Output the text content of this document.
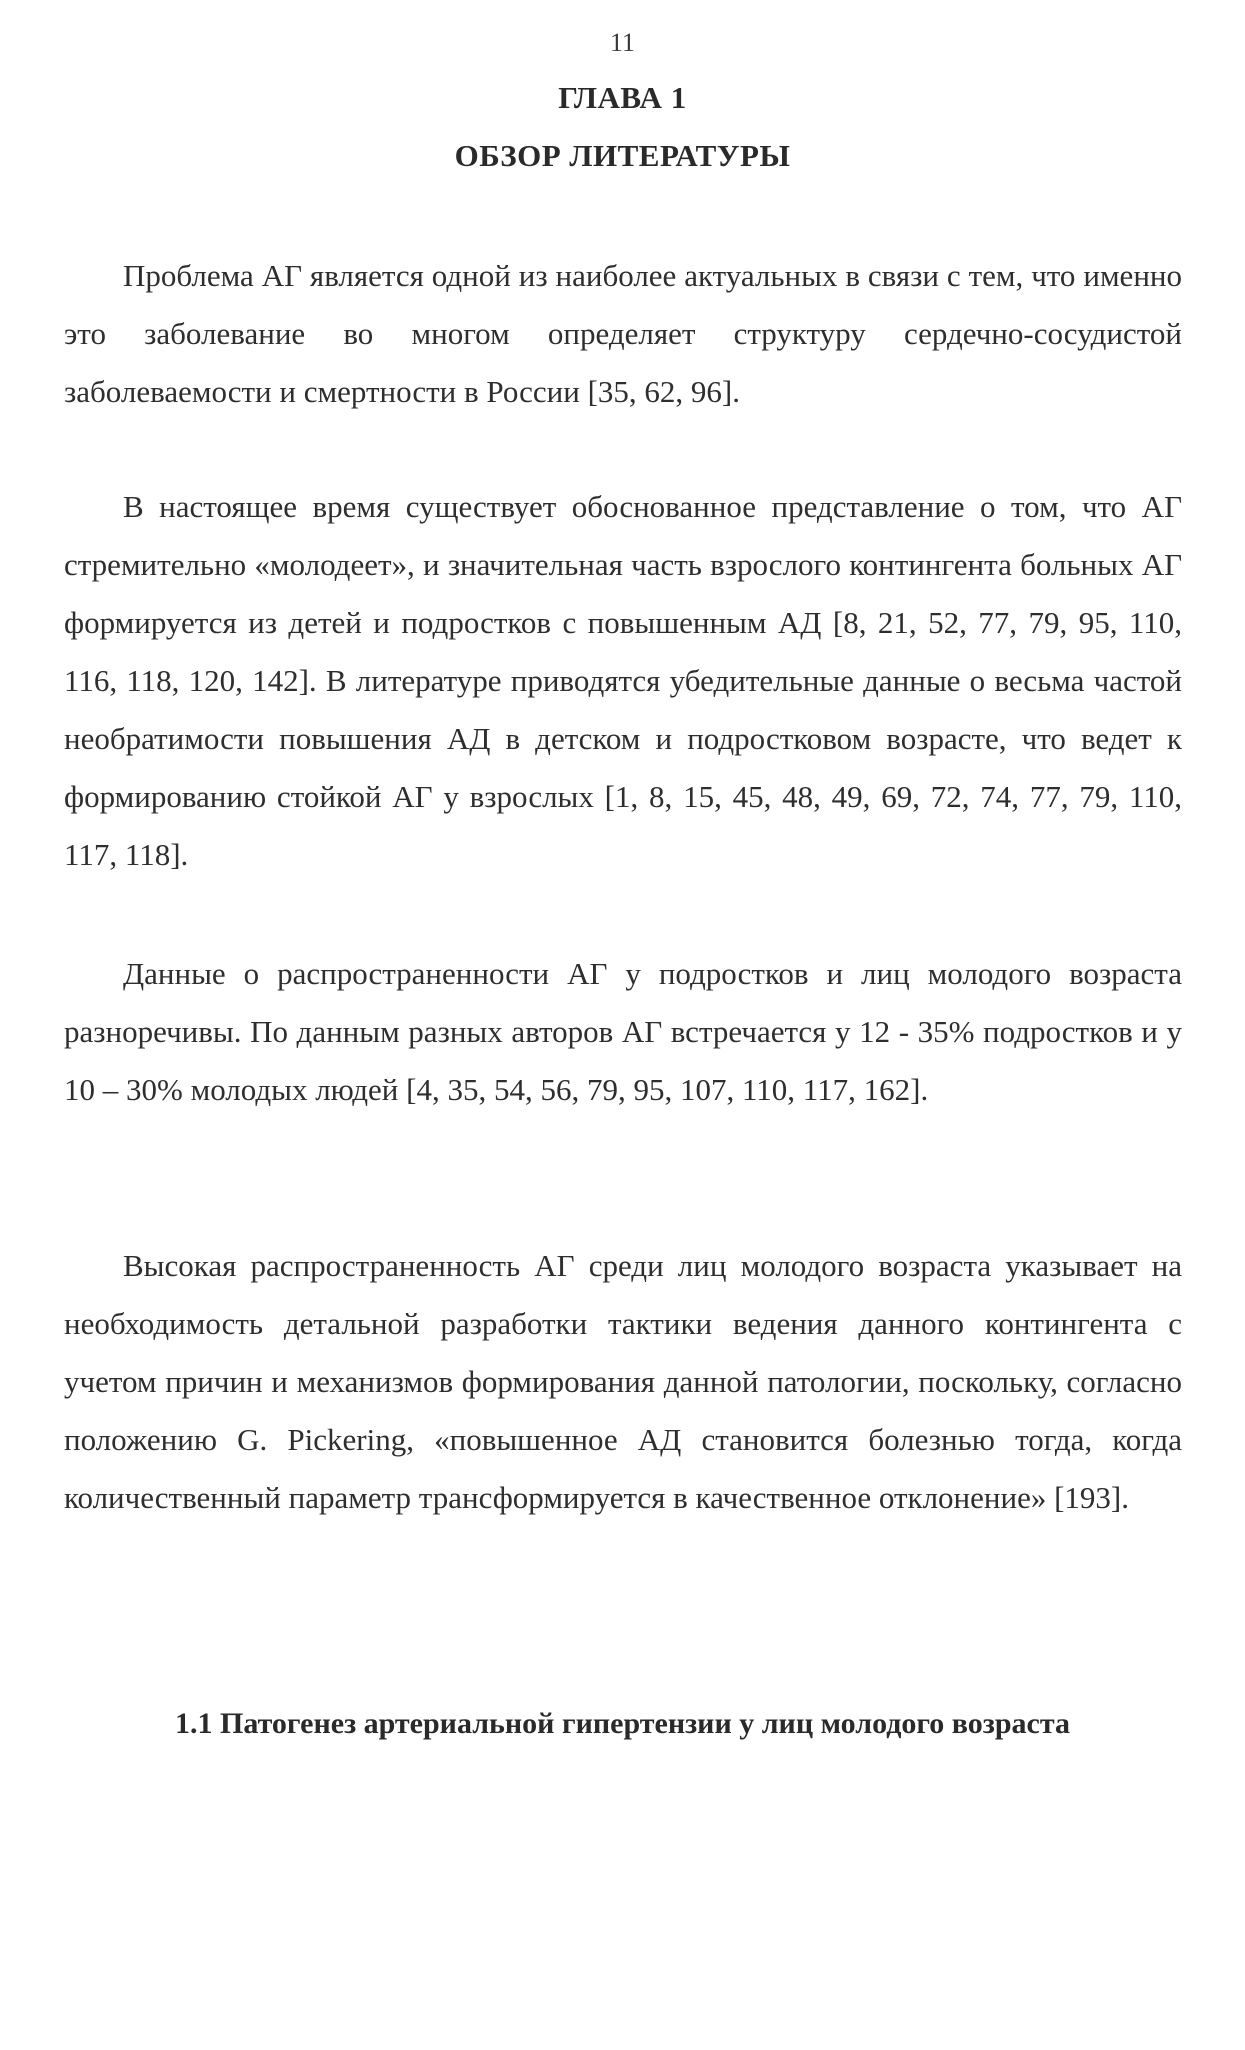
11
ГЛАВА 1
ОБЗОР ЛИТЕРАТУРЫ

Проблема АГ является одной из наиболее актуальных в связи с тем, что именно это заболевание во многом определяет структуру сердечно-сосудистой заболеваемости и смертности в России [35, 62, 96].

В настоящее время существует обоснованное представление о том, что АГ стремительно «молодеет», и значительная часть взрослого контингента больных АГ формируется из детей и подростков с повышенным АД [8, 21, 52, 77, 79, 95, 110, 116, 118, 120, 142]. В литературе приводятся убедительные данные о весьма частой необратимости повышения АД в детском и подростковом возрасте, что ведет к формированию стойкой АГ у взрослых [1, 8, 15, 45, 48, 49, 69, 72, 74, 77, 79, 110, 117, 118].

Данные о распространенности АГ у подростков и лиц молодого возраста разноречивы. По данным разных авторов АГ встречается у 12 - 35% подростков и у 10 – 30% молодых людей [4, 35, 54, 56, 79, 95, 107, 110, 117, 162].

Высокая распространенность АГ среди лиц молодого возраста указывает на необходимость детальной разработки тактики ведения данного контингента с учетом причин и механизмов формирования данной патологии, поскольку, согласно положению G. Pickering, «повышенное АД становится болезнью тогда, когда количественный параметр трансформируется в качественное отклонение» [193].

1.1 Патогенез артериальной гипертензии у лиц молодого возраста
